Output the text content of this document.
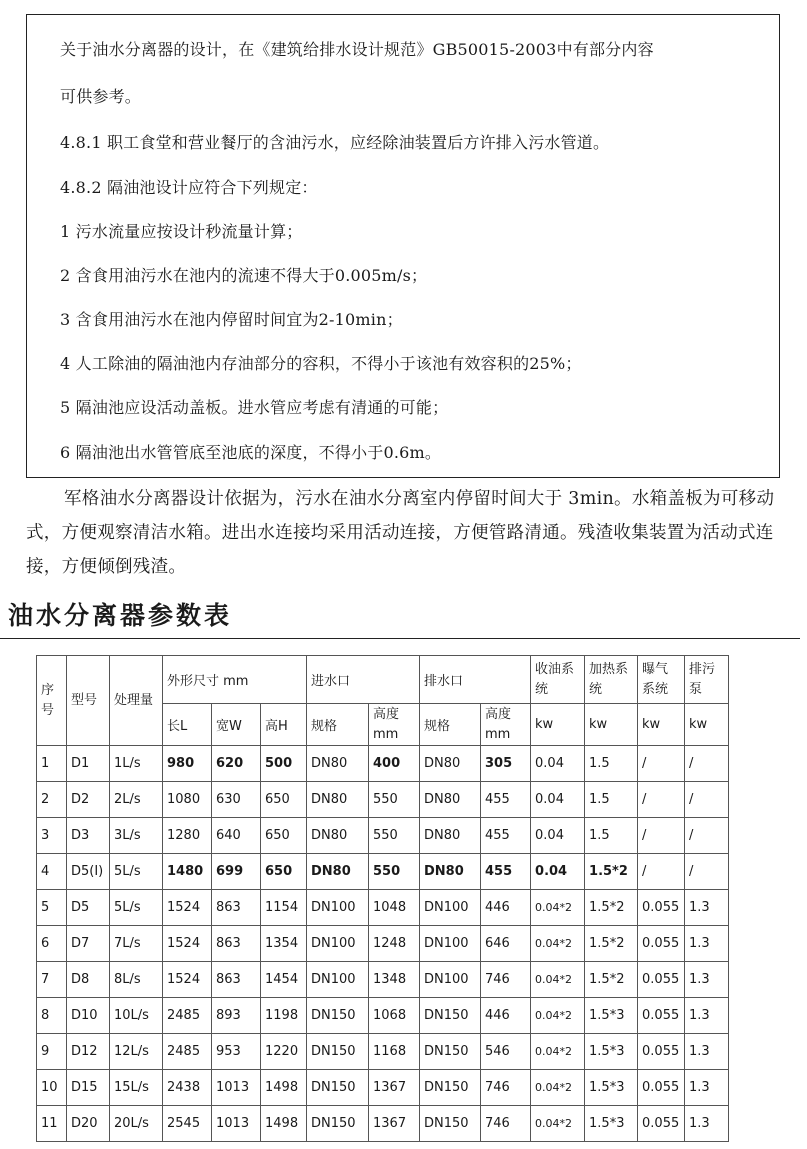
关于油水分离器的设计，在《建筑给排水设计规范》GB50015-2003中有部分内容
可供参考。
4.8.1 职工食堂和营业餐厅的含油污水，应经除油装置后方许排入污水管道。
4.8.2 隔油池设计应符合下列规定：
1 污水流量应按设计秒流量计算；
2 含食用油污水在池内的流速不得大于0.005m/s；
3 含食用油污水在池内停留时间宜为2-10min；
4 人工除油的隔油池内存油部分的容积，不得小于该池有效容积的25%；
5 隔油池应设活动盖板。进水管应考虑有清通的可能；
6 隔油池出水管管底至池底的深度，不得小于0.6m。
军格油水分离器设计依据为，污水在油水分离室内停留时间大于 3min。水箱盖板为可移动式，方便观察清洁水箱。进出水连接均采用活动连接，方便管路清通。残渣收集装置为活动式连接，方便倾倒残渣。
油水分离器参数表
序号	型号	处理量	外形尺寸 mm			进水口		排水口		收油系统	加热系统	曝气系统	排污泵
			长L	宽W	高H	规格	高度mm	规格	高度mm	kw	kw	kw	kw
1	D1	1L/s	980	620	500	DN80	400	DN80	305	0.04	1.5	/	/
2	D2	2L/s	1080	630	650	DN80	550	DN80	455	0.04	1.5	/	/
3	D3	3L/s	1280	640	650	DN80	550	DN80	455	0.04	1.5	/	/
4	D5(I)	5L/s	1480	699	650	DN80	550	DN80	455	0.04	1.5*2	/	/
5	D5	5L/s	1524	863	1154	DN100	1048	DN100	446	0.04*2	1.5*2	0.055	1.3
6	D7	7L/s	1524	863	1354	DN100	1248	DN100	646	0.04*2	1.5*2	0.055	1.3
7	D8	8L/s	1524	863	1454	DN100	1348	DN100	746	0.04*2	1.5*2	0.055	1.3
8	D10	10L/s	2485	893	1198	DN150	1068	DN150	446	0.04*2	1.5*3	0.055	1.3
9	D12	12L/s	2485	953	1220	DN150	1168	DN150	546	0.04*2	1.5*3	0.055	1.3
10	D15	15L/s	2438	1013	1498	DN150	1367	DN150	746	0.04*2	1.5*3	0.055	1.3
11	D20	20L/s	2545	1013	1498	DN150	1367	DN150	746	0.04*2	1.5*3	0.055	1.3
